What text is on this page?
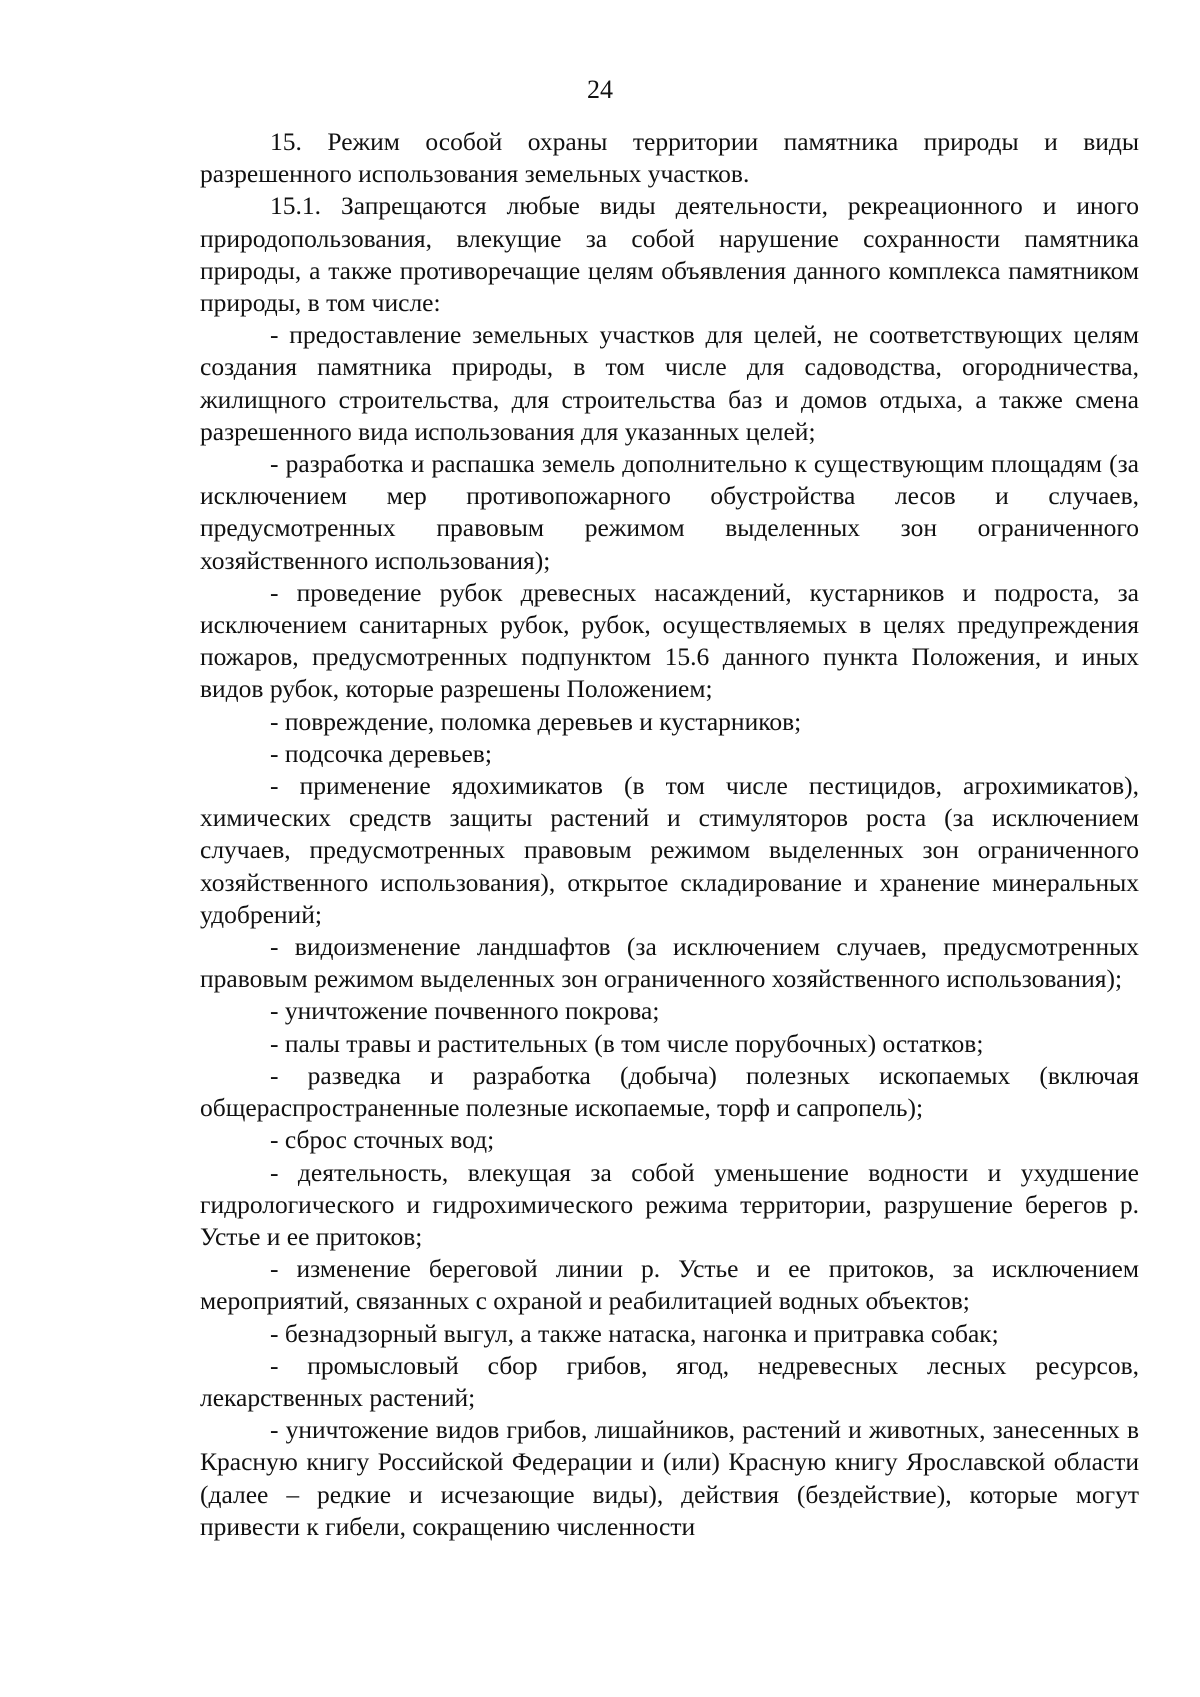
24

15. Режим особой охраны территории памятника природы и виды разрешенного использования земельных участков.

15.1. Запрещаются любые виды деятельности, рекреационного и иного природопользования, влекущие за собой нарушение сохранности памятника природы, а также противоречащие целям объявления данного комплекса памятником природы, в том числе:

- предоставление земельных участков для целей, не соответствующих целям создания памятника природы, в том числе для садоводства, огородничества, жилищного строительства, для строительства баз и домов отдыха, а также смена разрешенного вида использования для указанных целей;

- разработка и распашка земель дополнительно к существующим площадям (за исключением мер противопожарного обустройства лесов и случаев, предусмотренных правовым режимом выделенных зон ограниченного хозяйственного использования);

- проведение рубок древесных насаждений, кустарников и подроста, за исключением санитарных рубок, рубок, осуществляемых в целях предупреждения пожаров, предусмотренных подпунктом 15.6 данного пункта Положения, и иных видов рубок, которые разрешены Положением;

- повреждение, поломка деревьев и кустарников;

- подсочка деревьев;

- применение ядохимикатов (в том числе пестицидов, агрохимикатов), химических средств защиты растений и стимуляторов роста (за исключением случаев, предусмотренных правовым режимом выделенных зон ограниченного хозяйственного использования), открытое складирование и хранение минеральных удобрений;

- видоизменение ландшафтов (за исключением случаев, предусмотренных правовым режимом выделенных зон ограниченного хозяйственного использования);

- уничтожение почвенного покрова;

- палы травы и растительных (в том числе порубочных) остатков;

- разведка и разработка (добыча) полезных ископаемых (включая общераспространенные полезные ископаемые, торф и сапропель);

- сброс сточных вод;

- деятельность, влекущая за собой уменьшение водности и ухудшение гидрологического и гидрохимического режима территории, разрушение берегов р. Устье и ее притоков;

- изменение береговой линии р. Устье и ее притоков, за исключением мероприятий, связанных с охраной и реабилитацией водных объектов;

- безнадзорный выгул, а также натаска, нагонка и притравка собак;

- промысловый сбор грибов, ягод, недревесных лесных ресурсов, лекарственных растений;

- уничтожение видов грибов, лишайников, растений и животных, занесенных в Красную книгу Российской Федерации и (или) Красную книгу Ярославской области (далее – редкие и исчезающие виды), действия (бездействие), которые могут привести к гибели, сокращению численности
